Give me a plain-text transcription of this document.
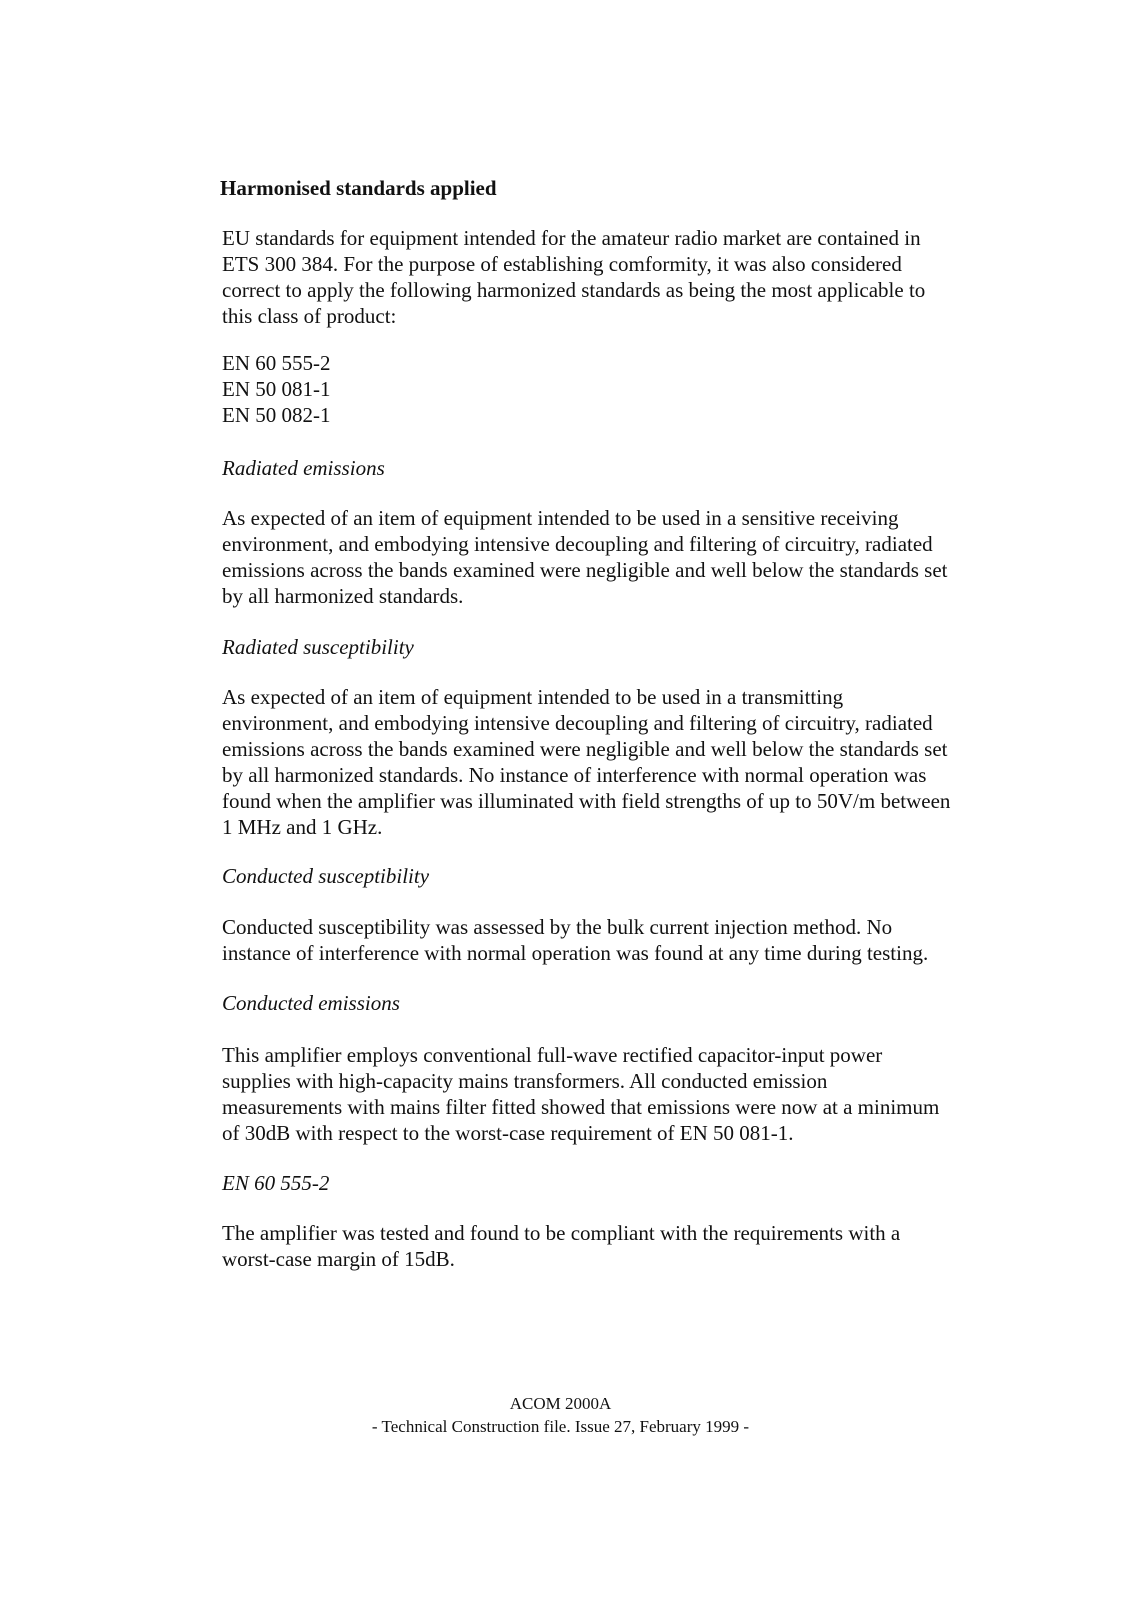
Harmonised standards applied

EU standards for equipment intended for the amateur radio market are contained in
ETS 300 384. For the purpose of establishing comformity, it was also considered
correct to apply the following harmonized standards as being the most applicable to
this class of product:

EN 60 555-2
EN 50 081-1
EN 50 082-1

Radiated emissions

As expected of an item of equipment intended to be used in a sensitive receiving
environment, and embodying intensive decoupling and filtering of circuitry, radiated
emissions across the bands examined were negligible and well below the standards set
by all harmonized standards.

Radiated susceptibility

As expected of an item of equipment intended to be used in a transmitting
environment, and embodying intensive decoupling and filtering of circuitry, radiated
emissions across the bands examined were negligible and well below the standards set
by all harmonized standards. No instance of interference with normal operation was
found when the amplifier was illuminated with field strengths of up to 50V/m between
1 MHz and 1 GHz.

Conducted susceptibility

Conducted susceptibility was assessed by the bulk current injection method. No
instance of interference with normal operation was found at any time during testing.

Conducted emissions

This amplifier employs conventional full-wave rectified capacitor-input power
supplies with high-capacity mains transformers. All conducted emission
measurements with mains filter fitted showed that emissions were now at a minimum
of 30dB with respect to the worst-case requirement of EN 50 081-1.

EN 60 555-2

The amplifier was tested and found to be compliant with the requirements with a
worst-case margin of 15dB.

ACOM 2000A
- Technical Construction file. Issue 27, February 1999 -
